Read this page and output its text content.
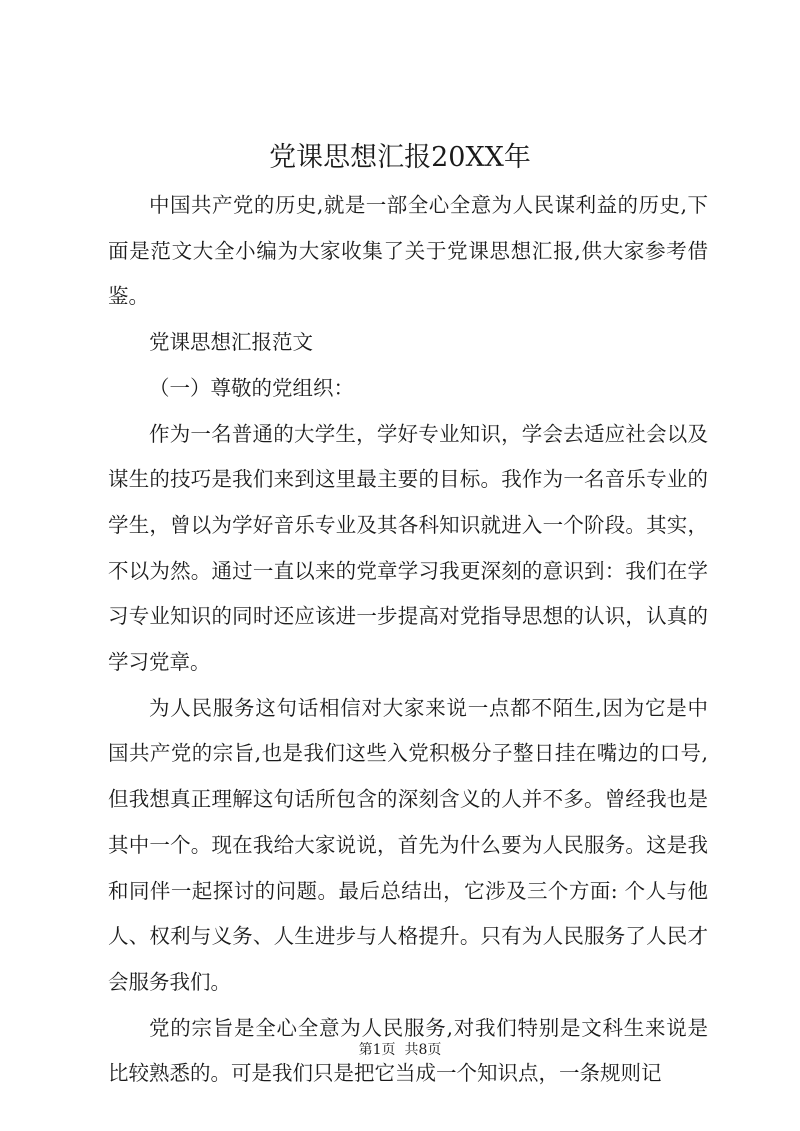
党课思想汇报20XX年

中国共产党的历史,就是一部全心全意为人民谋利益的历史,下面是范文大全小编为大家收集了关于党课思想汇报,供大家参考借鉴。

党课思想汇报范文

（一）尊敬的党组织：

作为一名普通的大学生，学好专业知识，学会去适应社会以及谋生的技巧是我们来到这里最主要的目标。我作为一名音乐专业的学生，曾以为学好音乐专业及其各科知识就进入一个阶段。其实，不以为然。通过一直以来的党章学习我更深刻的意识到：我们在学习专业知识的同时还应该进一步提高对党指导思想的认识，认真的学习党章。

为人民服务这句话相信对大家来说一点都不陌生,因为它是中国共产党的宗旨,也是我们这些入党积极分子整日挂在嘴边的口号,但我想真正理解这句话所包含的深刻含义的人并不多。曾经我也是其中一个。现在我给大家说说，首先为什么要为人民服务。这是我和同伴一起探讨的问题。最后总结出，它涉及三个方面: 个人与他人、权利与义务、人生进步与人格提升。只有为人民服务了人民才会服务我们。

党的宗旨是全心全意为人民服务,对我们特别是文科生来说是比较熟悉的。可是我们只是把它当成一个知识点，一条规则记

第1页 共8页
